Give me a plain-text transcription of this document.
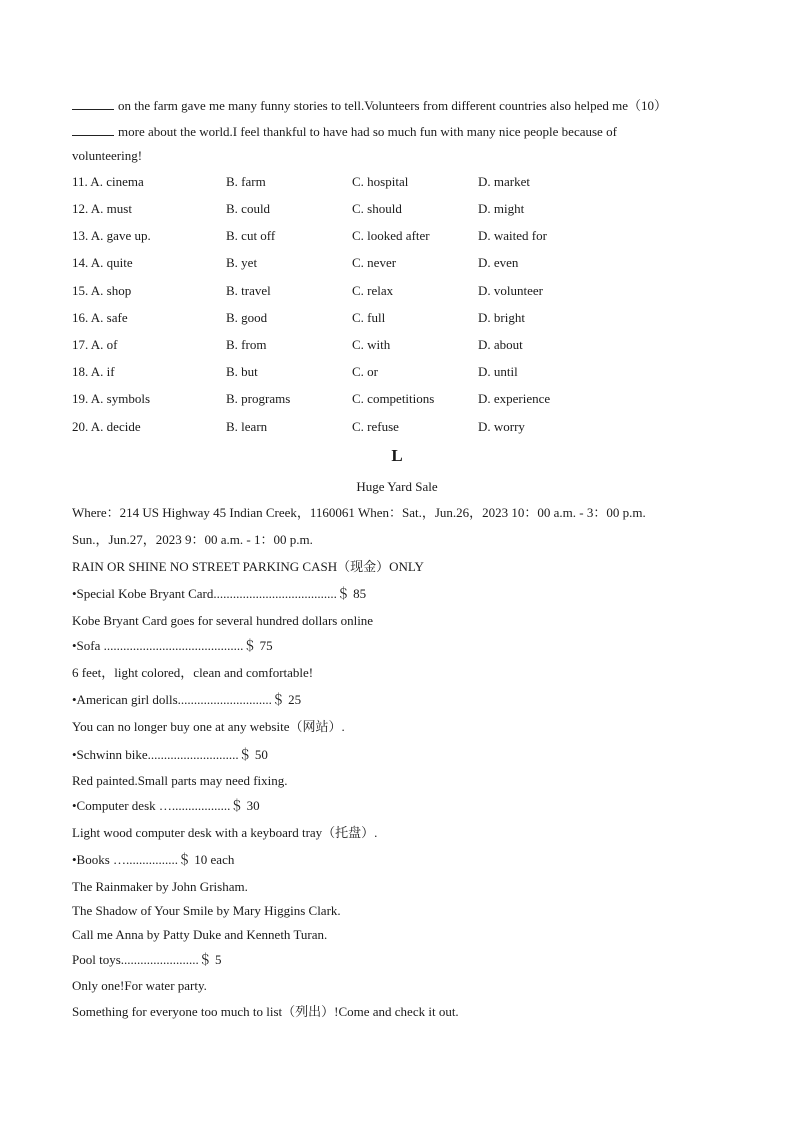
on the farm gave me many funny stories to tell.Volunteers from different countries also helped me（10）
more about the world.I feel thankful to have had so much fun with many nice people because of
volunteering!
11. A. cinema	B. farm	C. hospital	D. market
12. A. must	B. could	C. should	D. might
13. A. gave up.	B. cut off	C. looked after	D. waited for
14. A. quite	B. yet	C. never	D. even
15. A. shop	B. travel	C. relax	D. volunteer
16. A. safe	B. good	C. full	D. bright
17. A. of	B. from	C. with	D. about
18. A. if	B. but	C. or	D. until
19. A. symbols	B. programs	C. competitions	D. experience
20. A. decide	B. learn	C. refuse	D. worry
L
Huge Yard Sale
Where：214 US Highway 45 Indian Creek，1160061 When：Sat.，Jun.26，2023 10：00 a.m. - 3：00 p.m.
Sun.，Jun.27，2023 9：00 a.m. - 1：00 p.m.
RAIN OR SHINE NO STREET PARKING CASH（现金）ONLY
•Special Kobe Bryant Card......................................＄ 85
Kobe Bryant Card goes for several hundred dollars online
•Sofa ...........................................＄ 75
6 feet，light colored，clean and comfortable!
•American girl dolls.............................＄ 25
You can no longer buy one at any website（网站）.
•Schwinn bike............................＄ 50
Red painted.Small parts may need fixing.
•Computer desk …..................＄ 30
Light wood computer desk with a keyboard tray（托盘）.
•Books …................＄ 10 each
The Rainmaker by John Grisham.
The Shadow of Your Smile by Mary Higgins Clark.
Call me Anna by Patty Duke and Kenneth Turan.
Pool toys........................＄ 5
Only one!For water party.
Something for everyone too much to list（列出）!Come and check it out.
